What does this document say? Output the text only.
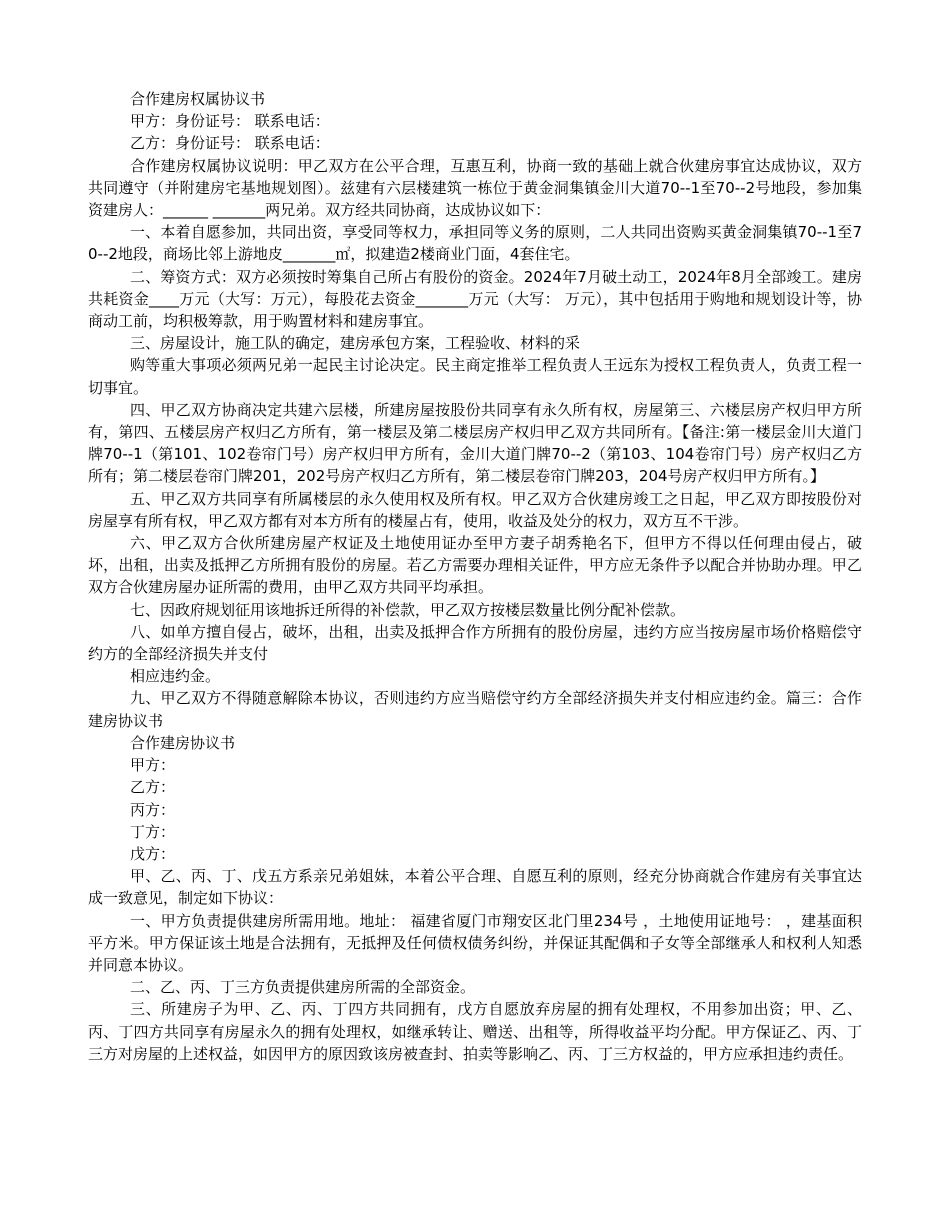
合作建房权属协议书

甲方：身份证号： 联系电话：

乙方：身份证号： 联系电话：

合作建房权属协议说明：甲乙双方在公平合理，互惠互利，协商一致的基础上就合伙建房事宜达成协议，双方共同遵守（并附建房宅基地规划图）。兹建有六层楼建筑一栋位于黄金洞集镇金川大道70--1至70--2号地段，参加集资建房人：______ _______两兄弟。双方经共同协商，达成协议如下：

一、本着自愿参加，共同出资，享受同等权力，承担同等义务的原则，二人共同出资购买黄金洞集镇70--1至70--2地段，商场比邻上游地皮_______㎡，拟建造2楼商业门面，4套住宅。

二、筹资方式：双方必须按时筹集自己所占有股份的资金。2024年7月破土动工，2024年8月全部竣工。建房共耗资金____万元（大写：万元），每股花去资金_______万元（大写： 万元），其中包括用于购地和规划设计等，协商动工前，均积极筹款，用于购置材料和建房事宜。

三、房屋设计，施工队的确定，建房承包方案，工程验收、材料的采

购等重大事项必须两兄弟一起民主讨论决定。民主商定推举工程负责人王远东为授权工程负责人，负责工程一切事宜。

四、甲乙双方协商决定共建六层楼，所建房屋按股份共同享有永久所有权，房屋第三、六楼层房产权归甲方所有，第四、五楼层房产权归乙方所有，第一楼层及第二楼层房产权归甲乙双方共同所有。【备注:第一楼层金川大道门牌70--1（第101、102卷帘门号）房产权归甲方所有，金川大道门牌70--2（第103、104卷帘门号）房产权归乙方所有；第二楼层卷帘门牌201，202号房产权归乙方所有，第二楼层卷帘门牌203，204号房产权归甲方所有。】

五、甲乙双方共同享有所属楼层的永久使用权及所有权。甲乙双方合伙建房竣工之日起，甲乙双方即按股份对房屋享有所有权，甲乙双方都有对本方所有的楼屋占有，使用，收益及处分的权力，双方互不干涉。

六、甲乙双方合伙所建房屋产权证及土地使用证办至甲方妻子胡秀艳名下，但甲方不得以任何理由侵占，破坏，出租，出卖及抵押乙方所拥有股份的房屋。若乙方需要办理相关证件，甲方应无条件予以配合并协助办理。甲乙双方合伙建房屋办证所需的费用，由甲乙双方共同平均承担。

七、因政府规划征用该地拆迁所得的补偿款，甲乙双方按楼层数量比例分配补偿款。

八、如单方擅自侵占，破坏，出租，出卖及抵押合作方所拥有的股份房屋，违约方应当按房屋市场价格赔偿守约方的全部经济损失并支付

相应违约金。

九、甲乙双方不得随意解除本协议，否则违约方应当赔偿守约方全部经济损失并支付相应违约金。篇三：合作建房协议书

合作建房协议书

甲方：

乙方：

丙方：

丁方：

戊方：

甲、乙、丙、丁、戊五方系亲兄弟姐妹，本着公平合理、自愿互利的原则，经充分协商就合作建房有关事宜达成一致意见，制定如下协议：

一、甲方负责提供建房所需用地。地址： 福建省厦门市翔安区北门里234号 ，土地使用证地号： ，建基面积 平方米。甲方保证该土地是合法拥有，无抵押及任何债权债务纠纷，并保证其配偶和子女等全部继承人和权利人知悉并同意本协议。

二、乙、丙、丁三方负责提供建房所需的全部资金。

三、所建房子为甲、乙、丙、丁四方共同拥有，戊方自愿放弃房屋的拥有处理权，不用参加出资；甲、乙、丙、丁四方共同享有房屋永久的拥有处理权，如继承转让、赠送、出租等，所得收益平均分配。甲方保证乙、丙、丁三方对房屋的上述权益，如因甲方的原因致该房被查封、拍卖等影响乙、丙、丁三方权益的，甲方应承担违约责任。
